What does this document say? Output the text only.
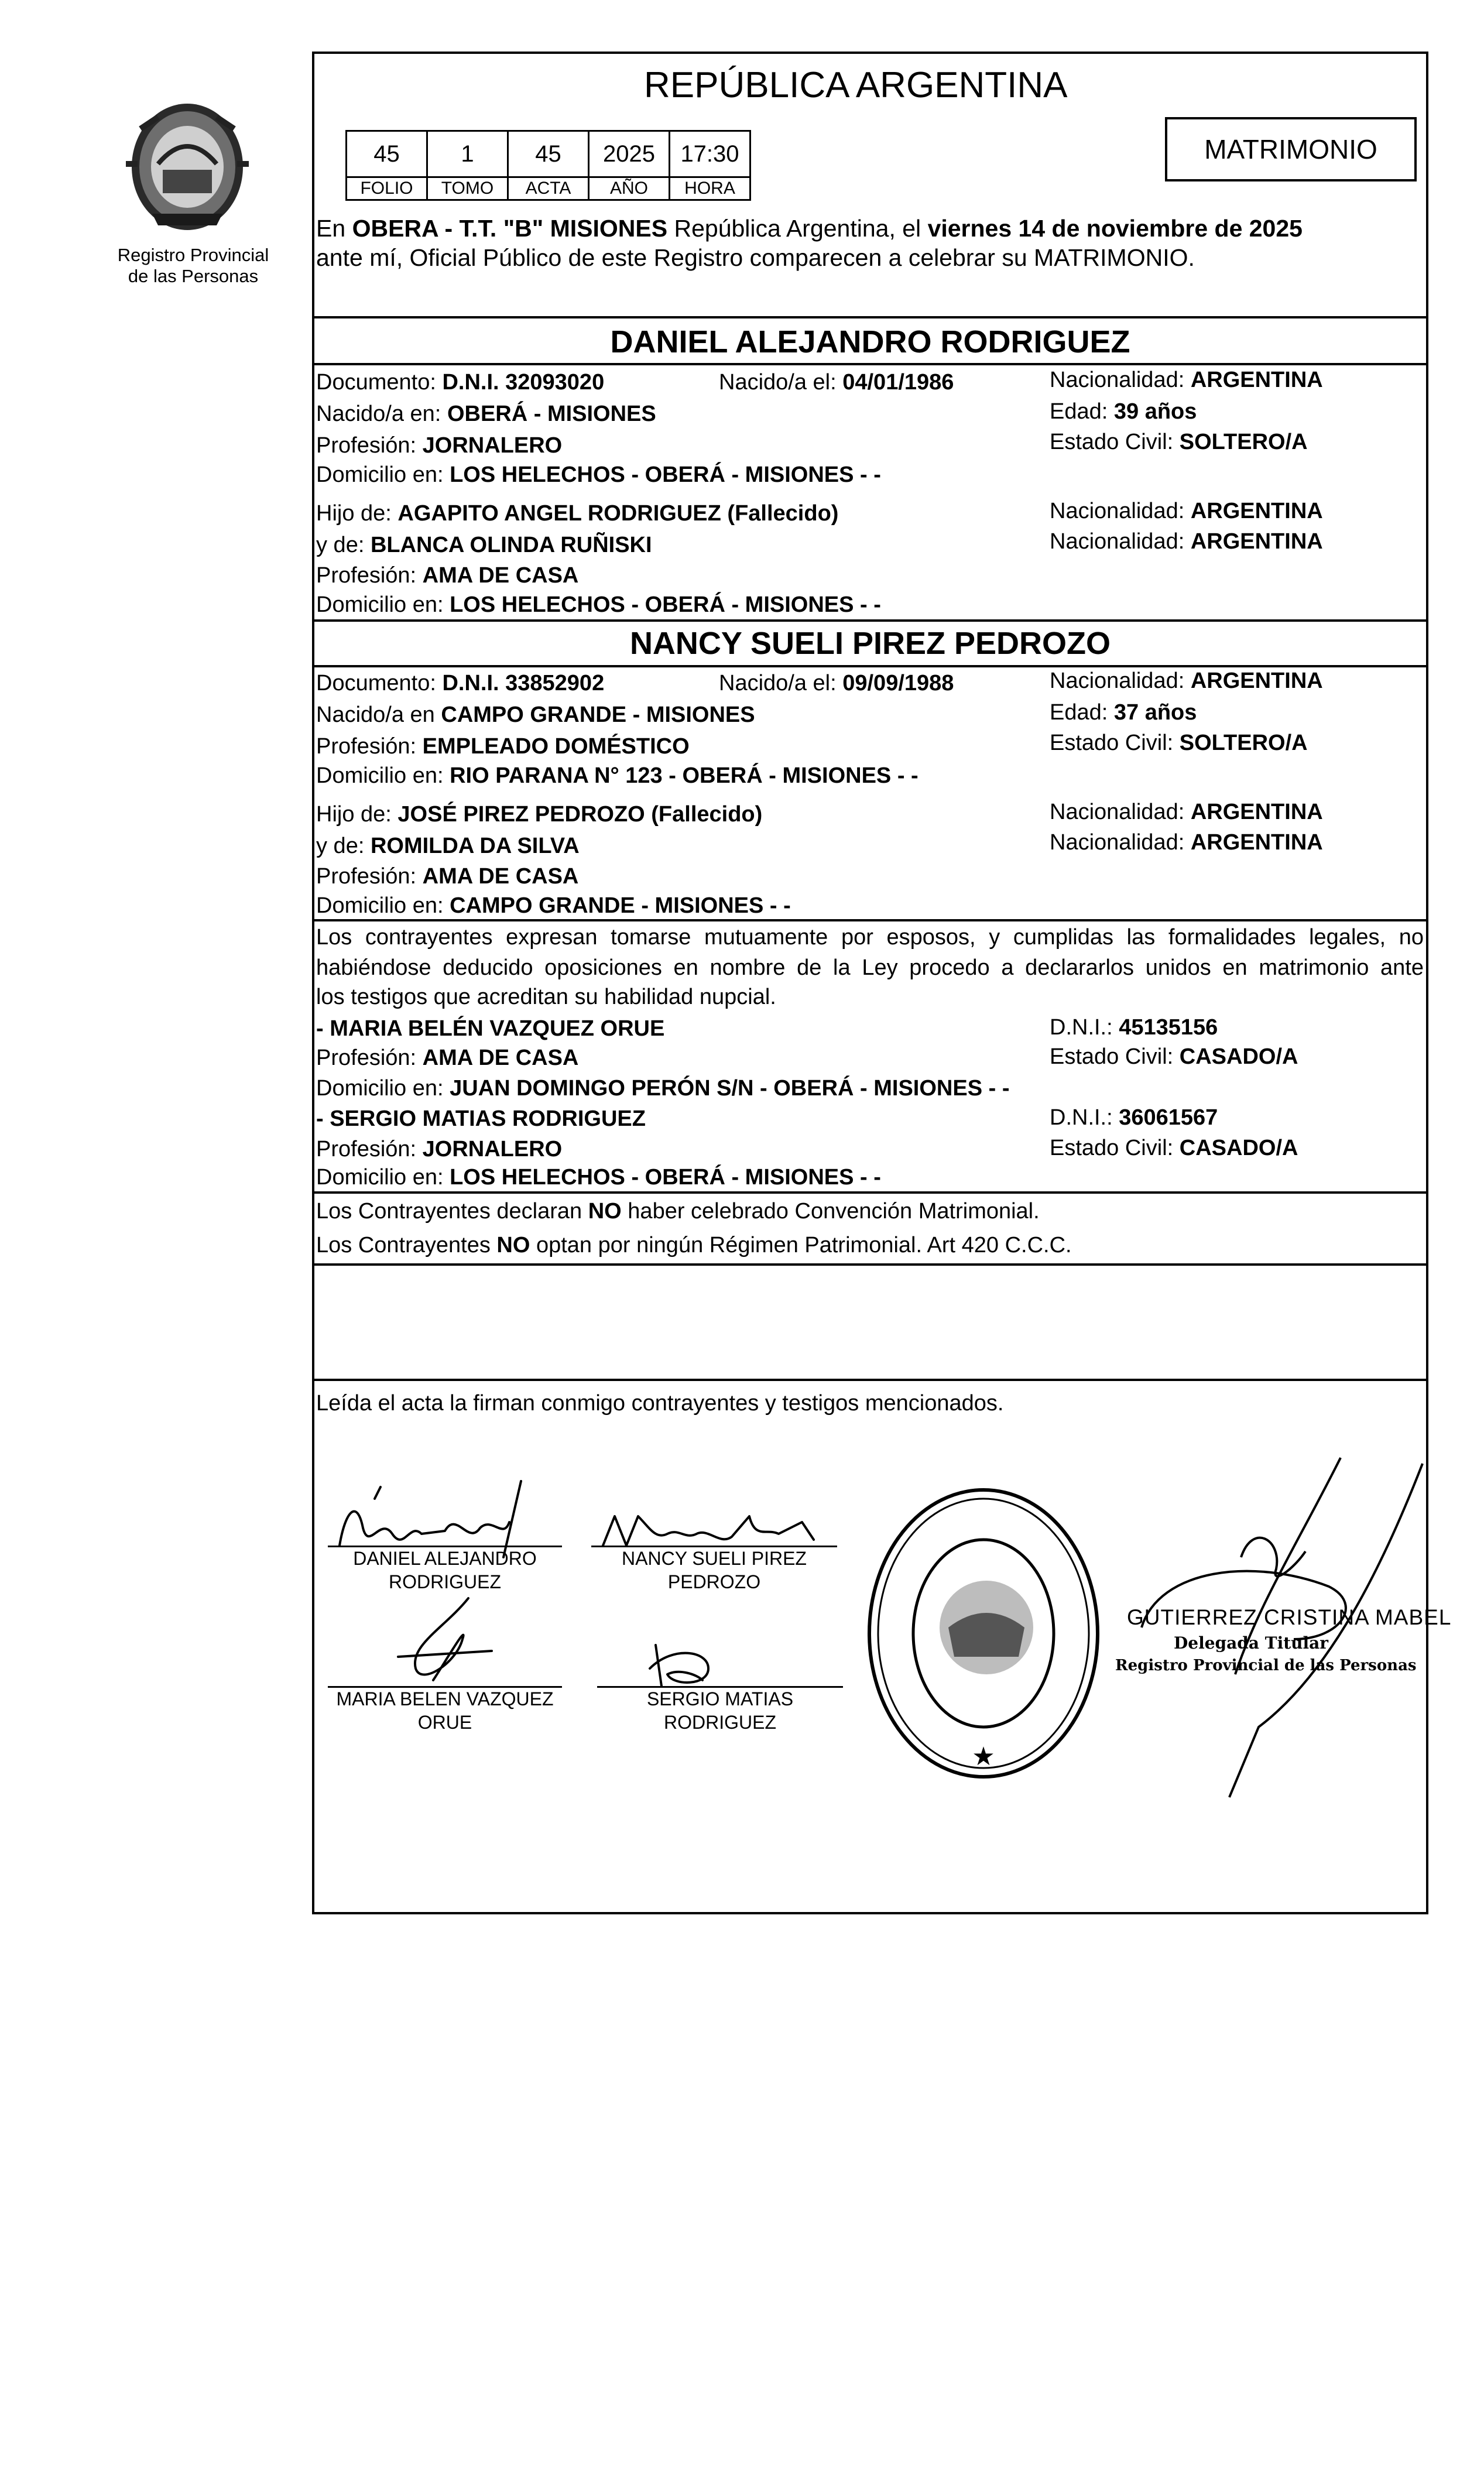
Registro Provincial
de las Personas
REPÚBLICA ARGENTINA
45	1	45	2025	17:30
FOLIO	TOMO	ACTA	AÑO	HORA
MATRIMONIO
En OBERA - T.T. "B" MISIONES República Argentina, el viernes 14 de noviembre de 2025
ante mí, Oficial Público de este Registro comparecen a celebrar su MATRIMONIO.
DANIEL ALEJANDRO RODRIGUEZ
Documento: D.N.I. 32093020	Nacido/a el: 04/01/1986	Nacionalidad: ARGENTINA
Nacido/a en: OBERÁ - MISIONES	Edad: 39 años
Profesión: JORNALERO	Estado Civil: SOLTERO/A
Domicilio en: LOS HELECHOS - OBERÁ - MISIONES - -
Hijo de: AGAPITO ANGEL RODRIGUEZ (Fallecido)	Nacionalidad: ARGENTINA
y de: BLANCA OLINDA RUÑISKI	Nacionalidad: ARGENTINA
Profesión: AMA DE CASA
Domicilio en: LOS HELECHOS - OBERÁ - MISIONES - -
NANCY SUELI PIREZ PEDROZO
Documento: D.N.I. 33852902	Nacido/a el: 09/09/1988	Nacionalidad: ARGENTINA
Nacido/a en CAMPO GRANDE - MISIONES	Edad: 37 años
Profesión: EMPLEADO DOMÉSTICO	Estado Civil: SOLTERO/A
Domicilio en: RIO PARANA N° 123 - OBERÁ - MISIONES - -
Hijo de: JOSÉ PIREZ PEDROZO (Fallecido)	Nacionalidad: ARGENTINA
y de: ROMILDA DA SILVA	Nacionalidad: ARGENTINA
Profesión: AMA DE CASA
Domicilio en: CAMPO GRANDE - MISIONES - -
Los contrayentes expresan tomarse mutuamente por esposos, y cumplidas las formalidades legales, no
habiéndose deducido oposiciones en nombre de la Ley procedo a declararlos unidos en matrimonio ante
los testigos que acreditan su habilidad nupcial.
- MARIA BELÉN VAZQUEZ ORUE	D.N.I.: 45135156
Profesión: AMA DE CASA	Estado Civil: CASADO/A
Domicilio en: JUAN DOMINGO PERÓN S/N - OBERÁ - MISIONES - -
- SERGIO MATIAS RODRIGUEZ	D.N.I.: 36061567
Profesión: JORNALERO	Estado Civil: CASADO/A
Domicilio en: LOS HELECHOS - OBERÁ - MISIONES - -
Los Contrayentes declaran NO haber celebrado Convención Matrimonial.
Los Contrayentes NO optan por ningún Régimen Patrimonial. Art 420 C.C.C.
Leída el acta la firman conmigo contrayentes y testigos mencionados.
DANIEL ALEJANDRO
RODRIGUEZ
NANCY SUELI PIREZ
PEDROZO
MARIA BELEN VAZQUEZ
ORUE
SERGIO MATIAS
RODRIGUEZ
★
GUTIERREZ CRISTINA MABEL
Delegada Titular
Registro Provincial de las Personas
